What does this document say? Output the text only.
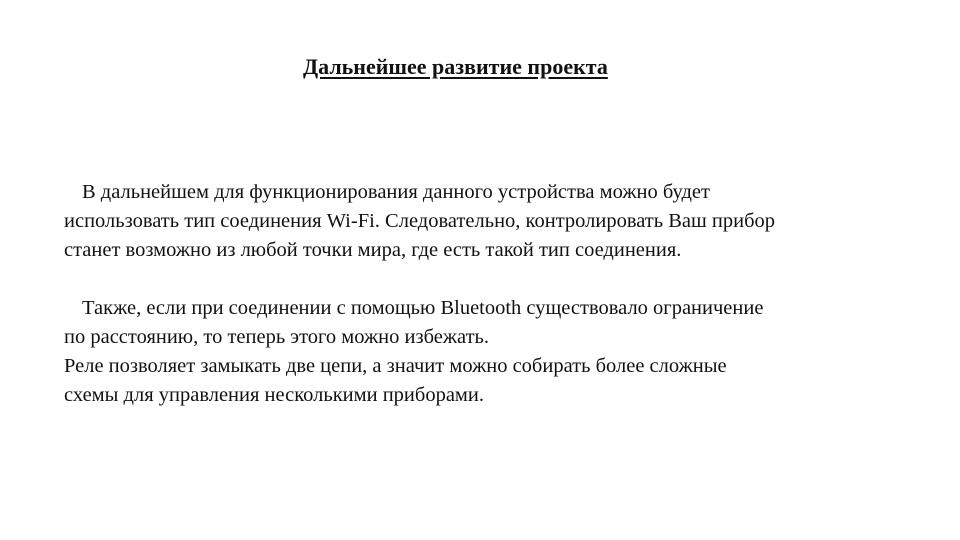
Дальнейшее развитие проекта

В дальнейшем для функционирования данного устройства можно будет

использовать тип соединения Wi-Fi. Следовательно, контролировать Ваш прибор

станет возможно из любой точки мира, где есть такой тип соединения.

Также, если при соединении с помощью Bluetooth существовало ограничение

по расстоянию, то теперь этого можно избежать.

Реле позволяет замыкать две цепи, а значит можно собирать более сложные

схемы для управления несколькими приборами.
